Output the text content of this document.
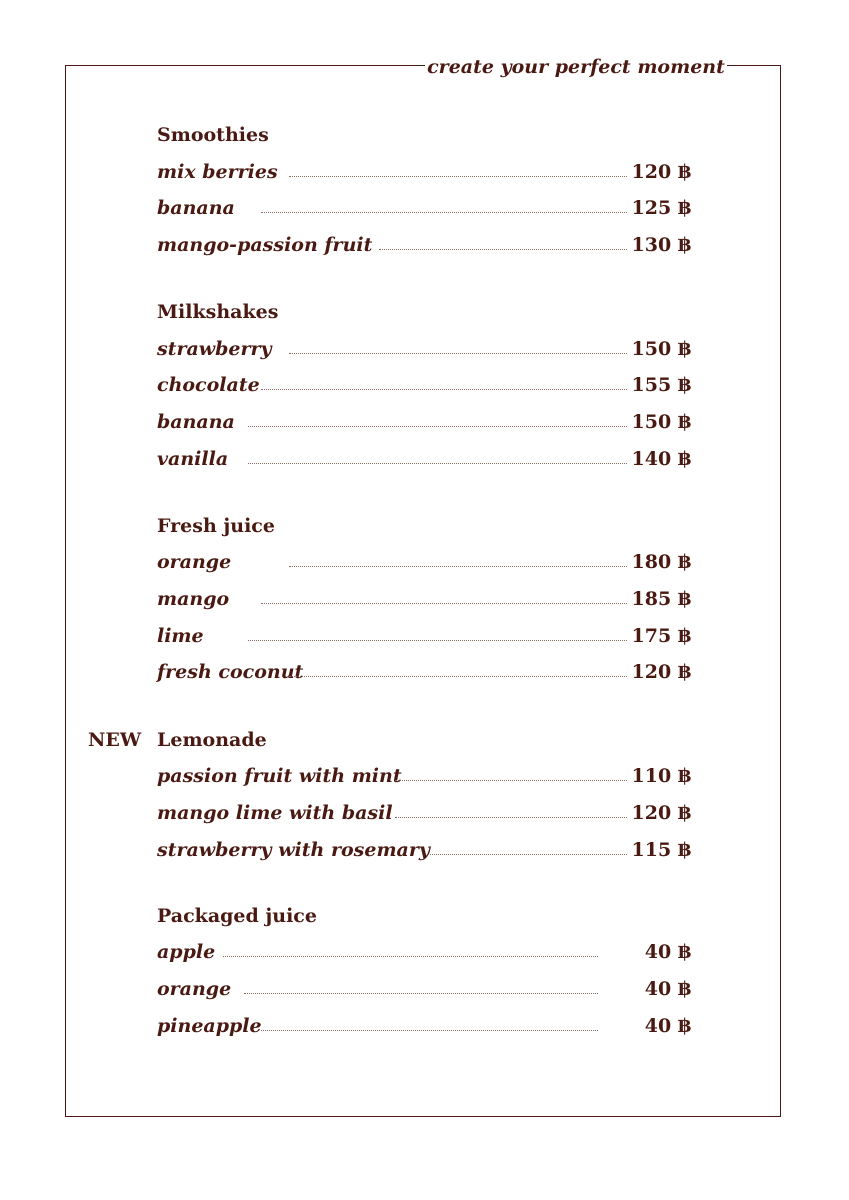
create your perfect moment
Smoothies
mix berries	120 ฿
banana	125 ฿
mango-passion fruit	130 ฿
Milkshakes
strawberry	150 ฿
chocolate	155 ฿
banana	150 ฿
vanilla	140 ฿
Fresh juice
orange	180 ฿
mango	185 ฿
lime	175 ฿
fresh coconut	120 ฿
NEW Lemonade
passion fruit with mint	110 ฿
mango lime with basil	120 ฿
strawberry with rosemary	115 ฿
Packaged juice
apple	40 ฿
orange	40 ฿
pineapple	40 ฿
